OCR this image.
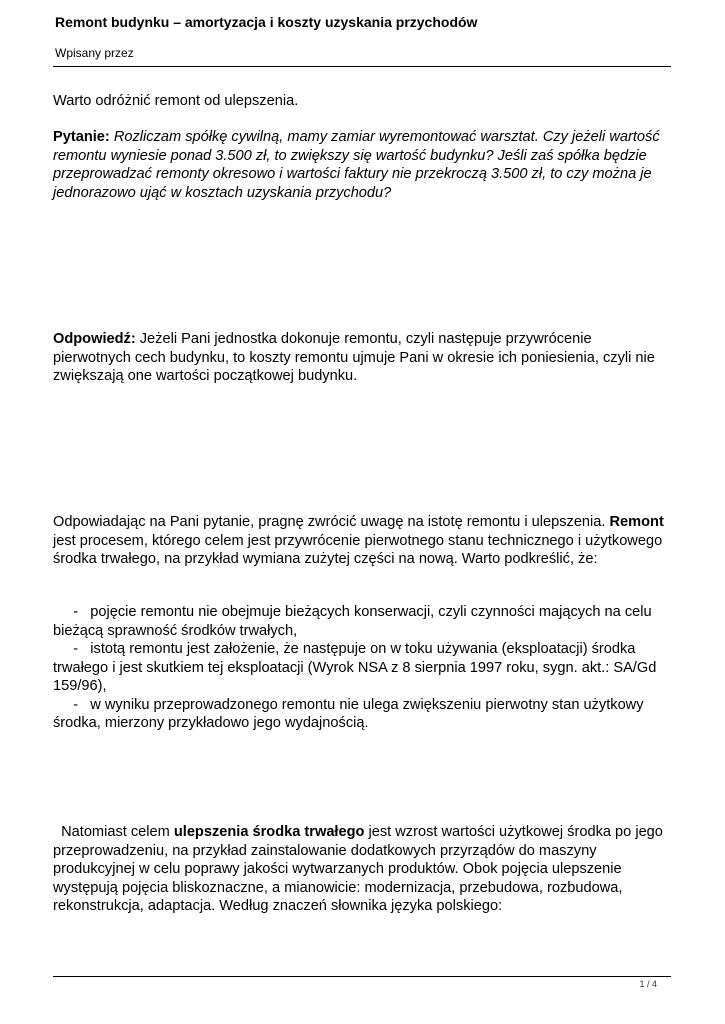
Remont budynku – amortyzacja i koszty uzyskania przychodów
Wpisany przez

Warto odróżnić remont od ulepszenia.

Pytanie: Rozliczam spółkę cywilną, mamy zamiar wyremontować warsztat. Czy jeżeli wartość
remontu wyniesie ponad 3.500 zł, to zwiększy się wartość budynku? Jeśli zaś spółka będzie
przeprowadzać remonty okresowo i wartości faktury nie przekroczą 3.500 zł, to czy można je
jednorazowo ująć w kosztach uzyskania przychodu?

Odpowiedź: Jeżeli Pani jednostka dokonuje remontu, czyli następuje przywrócenie
pierwotnych cech budynku, to koszty remontu ujmuje Pani w okresie ich poniesienia, czyli nie
zwiększają one wartości początkowej budynku.

Odpowiadając na Pani pytanie, pragnę zwrócić uwagę na istotę remontu i ulepszenia. Remont
jest procesem, którego celem jest przywrócenie pierwotnego stanu technicznego i użytkowego
środka trwałego, na przykład wymiana zużytej części na nową. Warto podkreślić, że:

-   pojęcie remontu nie obejmuje bieżących konserwacji, czyli czynności mających na celu
bieżącą sprawność środków trwałych,
-   istotą remontu jest założenie, że następuje on w toku używania (eksploatacji) środka
trwałego i jest skutkiem tej eksploatacji (Wyrok NSA z 8 sierpnia 1997 roku, sygn. akt.: SA/Gd
159/96),
-   w wyniku przeprowadzonego remontu nie ulega zwiększeniu pierwotny stan użytkowy
środka, mierzony przykładowo jego wydajnością.

Natomiast celem ulepszenia środka trwałego jest wzrost wartości użytkowej środka po jego
przeprowadzeniu, na przykład zainstalowanie dodatkowych przyrządów do maszyny
produkcyjnej w celu poprawy jakości wytwarzanych produktów. Obok pojęcia ulepszenie
występują pojęcia bliskoznaczne, a mianowicie: modernizacja, przebudowa, rozbudowa,
rekonstrukcja, adaptacja. Według znaczeń słownika języka polskiego:

1 / 4
